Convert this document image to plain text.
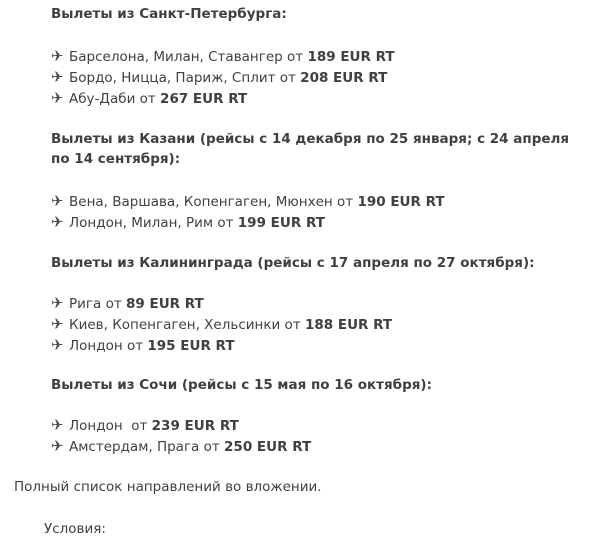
Вылеты из Санкт-Петербурга:
✈ Барселона, Милан, Ставангер от 189 EUR RT
✈ Бордо, Ницца, Париж, Сплит от 208 EUR RT
✈ Абу-Даби от 267 EUR RT
Вылеты из Казани (рейсы с 14 декабря по 25 января; с 24 апреля по 14 сентября):
✈ Вена, Варшава, Копенгаген, Мюнхен от 190 EUR RT
✈ Лондон, Милан, Рим от 199 EUR RT
Вылеты из Калининграда (рейсы с 17 апреля по 27 октября):
✈ Рига от 89 EUR RT
✈ Киев, Копенгаген, Хельсинки от 188 EUR RT
✈ Лондон от 195 EUR RT
Вылеты из Сочи (рейсы с 15 мая по 16 октября):
✈ Лондон  от 239 EUR RT
✈ Амстердам, Прага от 250 EUR RT
Полный список направлений во вложении.
Условия:
